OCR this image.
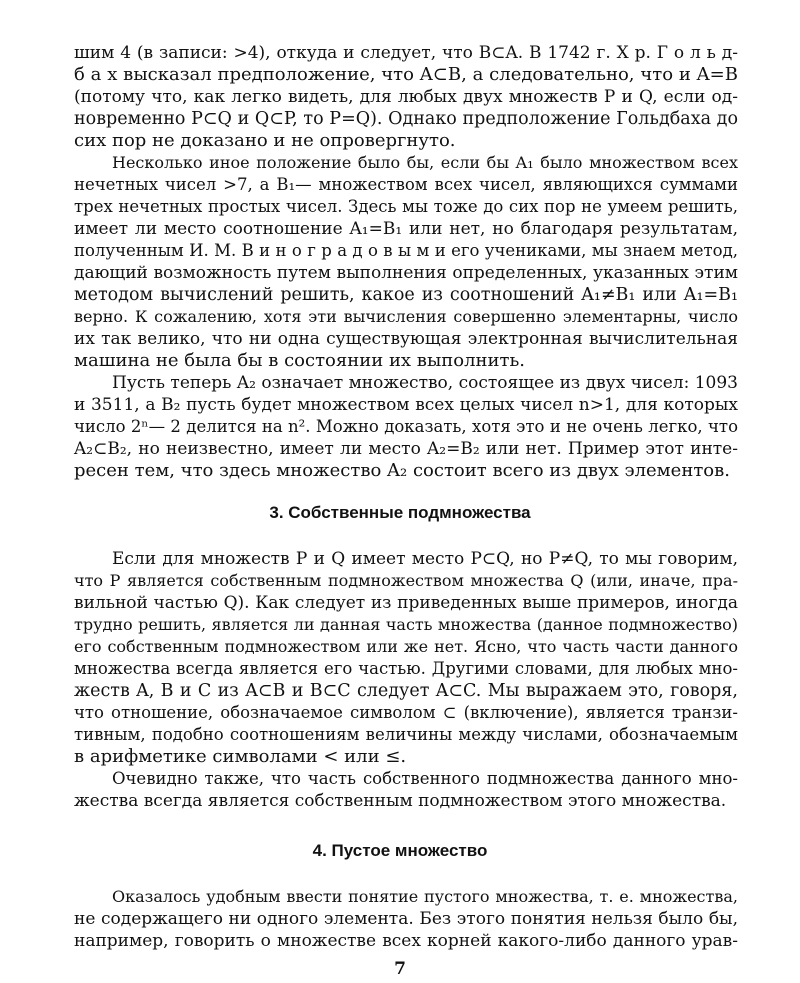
шим 4 (в записи: >4), откуда и следует, что B⊂A. В 1742 г. Х р. Г о л ь д-
б а х высказал предположение, что A⊂B, а следовательно, что и A=B
(потому что, как легко видеть, для любых двух множеств P и Q, если од-
новременно P⊂Q и Q⊂P, то P=Q). Однако предположение Гольдбаха до
сих пор не доказано и не опровергнуто.
Несколько иное положение было бы, если бы A₁ было множеством всех
нечетных чисел >7, а B₁— множеством всех чисел, являющихся суммами
трех нечетных простых чисел. Здесь мы тоже до сих пор не умеем решить,
имеет ли место соотношение A₁=B₁ или нет, но благодаря результатам,
полученным И. М. В и н о г р а д о в ы м и его учениками, мы знаем метод,
дающий возможность путем выполнения определенных, указанных этим
методом вычислений решить, какое из соотношений A₁≠B₁ или A₁=B₁
верно. К сожалению, хотя эти вычисления совершенно элементарны, число
их так велико, что ни одна существующая электронная вычислительная
машина не была бы в состоянии их выполнить.
Пусть теперь A₂ означает множество, состоящее из двух чисел: 1093
и 3511, а B₂ пусть будет множеством всех целых чисел n>1, для которых
число 2ⁿ— 2 делится на n². Можно доказать, хотя это и не очень легко, что
A₂⊂B₂, но неизвестно, имеет ли место A₂=B₂ или нет. Пример этот инте-
ресен тем, что здесь множество A₂ состоит всего из двух элементов.
3. Собственные подмножества
Если для множеств P и Q имеет место P⊂Q, но P≠Q, то мы говорим,
что P является собственным подмножеством множества Q (или, иначе, пра-
вильной частью Q). Как следует из приведенных выше примеров, иногда
трудно решить, является ли данная часть множества (данное подмножество)
его собственным подмножеством или же нет. Ясно, что часть части данного
множества всегда является его частью. Другими словами, для любых мно-
жеств A, B и C из A⊂B и B⊂C следует A⊂C. Мы выражаем это, говоря,
что отношение, обозначаемое символом ⊂ (включение), является транзи-
тивным, подобно соотношениям величины между числами, обозначаемым
в арифметике символами < или ≤.
Очевидно также, что часть собственного подмножества данного мно-
жества всегда является собственным подмножеством этого множества.
4. Пустое множество
Оказалось удобным ввести понятие пустого множества, т. е. множества,
не содержащего ни одного элемента. Без этого понятия нельзя было бы,
например, говорить о множестве всех корней какого-либо данного урав-
7
